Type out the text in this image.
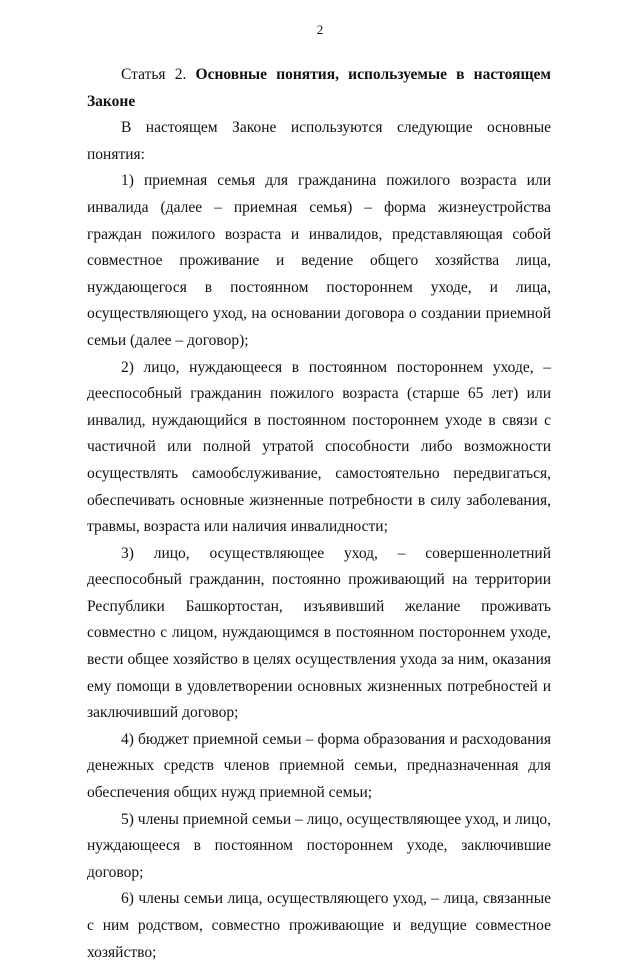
2

Статья 2. Основные понятия, используемые в настоящем Законе

В настоящем Законе используются следующие основные понятия:

1) приемная семья для гражданина пожилого возраста или инвалида (далее – приемная семья) – форма жизнеустройства граждан пожилого возраста и инвалидов, представляющая собой совместное проживание и ведение общего хозяйства лица, нуждающегося в постоянном постороннем уходе, и лица, осуществляющего уход, на основании договора о создании приемной семьи (далее – договор);

2) лицо, нуждающееся в постоянном постороннем уходе, – дееспособный гражданин пожилого возраста (старше 65 лет) или инвалид, нуждающийся в постоянном постороннем уходе в связи с частичной или полной утратой способности либо возможности осуществлять самообслуживание, самостоятельно передвигаться, обеспечивать основные жизненные потребности в силу заболевания, травмы, возраста или наличия инвалидности;

3) лицо, осуществляющее уход, – совершеннолетний дееспособный гражданин, постоянно проживающий на территории Республики Башкортостан, изъявивший желание проживать совместно с лицом, нуждающимся в постоянном постороннем уходе, вести общее хозяйство в целях осуществления ухода за ним, оказания ему помощи в удовлетворении основных жизненных потребностей и заключивший договор;

4) бюджет приемной семьи – форма образования и расходования денежных средств членов приемной семьи, предназначенная для обеспечения общих нужд приемной семьи;

5) члены приемной семьи – лицо, осуществляющее уход, и лицо, нуждающееся в постоянном постороннем уходе, заключившие договор;

6) члены семьи лица, осуществляющего уход, – лица, связанные с ним родством, совместно проживающие и ведущие совместное хозяйство;
